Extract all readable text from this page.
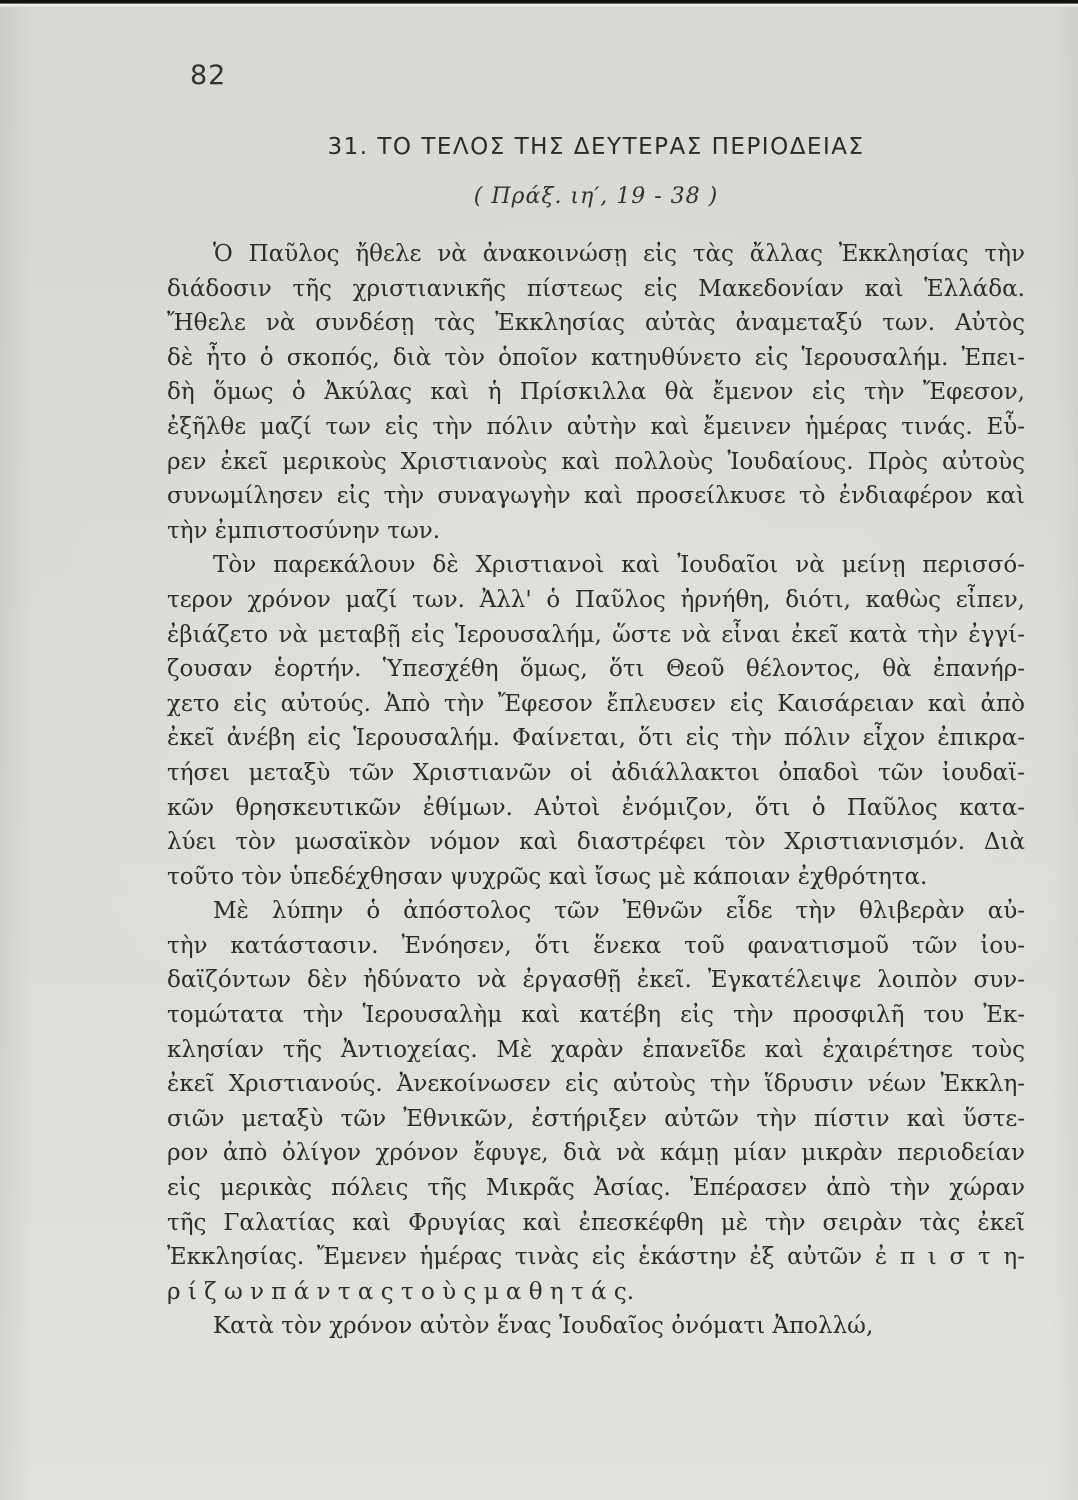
82
31. ΤΟ ΤΕΛΟΣ ΤΗΣ ΔΕΥΤΕΡΑΣ ΠΕΡΙΟΔΕΙΑΣ
( Πράξ. ιη′, 19 - 38 )
Ὁ Παῦλος ἤθελε νὰ ἀνακοινώσῃ εἰς τὰς ἄλλας Ἐκκλησίας τὴν
διάδοσιν τῆς χριστιανικῆς πίστεως εἰς Μακεδονίαν καὶ Ἑλλάδα.
Ἤθελε νὰ συνδέσῃ τὰς Ἐκκλησίας αὐτὰς ἀναμεταξύ των. Αὐτὸς
δὲ ἦτο ὁ σκοπός, διὰ τὸν ὁποῖον κατηυθύνετο εἰς Ἱερουσαλήμ. Ἐπει-
δὴ ὅμως ὁ Ἀκύλας καὶ ἡ Πρίσκιλλα θὰ ἔμενον εἰς τὴν Ἔφεσον,
ἐξῆλθε μαζί των εἰς τὴν πόλιν αὐτὴν καὶ ἔμεινεν ἡμέρας τινάς. Εὗ-
ρεν ἐκεῖ μερικοὺς Χριστιανοὺς καὶ πολλοὺς Ἰουδαίους. Πρὸς αὐτοὺς
συνωμίλησεν εἰς τὴν συναγωγὴν καὶ προσείλκυσε τὸ ἐνδιαφέρον καὶ
τὴν ἐμπιστοσύνην των.
Τὸν παρεκάλουν δὲ Χριστιανοὶ καὶ Ἰουδαῖοι νὰ μείνῃ περισσό-
τερον χρόνον μαζί των. Ἀλλ' ὁ Παῦλος ἠρνήθη, διότι, καθὼς εἶπεν,
ἐβιάζετο νὰ μεταβῇ εἰς Ἱερουσαλήμ, ὥστε νὰ εἶναι ἐκεῖ κατὰ τὴν ἐγγί-
ζουσαν ἑορτήν. Ὑπεσχέθη ὅμως, ὅτι Θεοῦ θέλοντος, θὰ ἐπανήρ-
χετο εἰς αὐτούς. Ἀπὸ τὴν Ἔφεσον ἔπλευσεν εἰς Καισάρειαν καὶ ἀπὸ
ἐκεῖ ἀνέβη εἰς Ἱερουσαλήμ. Φαίνεται, ὅτι εἰς τὴν πόλιν εἶχον ἐπικρα-
τήσει μεταξὺ τῶν Χριστιανῶν οἱ ἀδιάλλακτοι ὀπαδοὶ τῶν ἰουδαϊ-
κῶν θρησκευτικῶν ἐθίμων. Αὐτοὶ ἐνόμιζον, ὅτι ὁ Παῦλος κατα-
λύει τὸν μωσαϊκὸν νόμον καὶ διαστρέφει τὸν Χριστιανισμόν. Διὰ
τοῦτο τὸν ὑπεδέχθησαν ψυχρῶς καὶ ἴσως μὲ κάποιαν ἐχθρότητα.
Μὲ λύπην ὁ ἀπόστολος τῶν Ἐθνῶν εἶδε τὴν θλιβερὰν αὐ-
τὴν κατάστασιν. Ἐνόησεν, ὅτι ἕνεκα τοῦ φανατισμοῦ τῶν ἰου-
δαϊζόντων δὲν ἠδύνατο νὰ ἐργασθῇ ἐκεῖ. Ἐγκατέλειψε λοιπὸν συν-
τομώτατα τὴν Ἱερουσαλὴμ καὶ κατέβη εἰς τὴν προσφιλῆ του Ἐκ-
κλησίαν τῆς Ἀντιοχείας. Μὲ χαρὰν ἐπανεῖδε καὶ ἐχαιρέτησε τοὺς
ἐκεῖ Χριστιανούς. Ἀνεκοίνωσεν εἰς αὐτοὺς τὴν ἵδρυσιν νέων Ἐκκλη-
σιῶν μεταξὺ τῶν Ἐθνικῶν, ἐστήριξεν αὐτῶν τὴν πίστιν καὶ ὕστε-
ρον ἀπὸ ὀλίγον χρόνον ἔφυγε, διὰ νὰ κάμῃ μίαν μικρὰν περιοδείαν
εἰς μερικὰς πόλεις τῆς Μικρᾶς Ἀσίας. Ἐπέρασεν ἀπὸ τὴν χώραν
τῆς Γαλατίας καὶ Φρυγίας καὶ ἐπεσκέφθη μὲ τὴν σειρὰν τὰς ἐκεῖ
Ἐκκλησίας. Ἔμενεν ἡμέρας τινὰς εἰς ἑκάστην ἐξ αὐτῶν ἐ π ι σ τ η-
ρ ί ζ ω ν π ά ν τ α ς τ ο ὺ ς μ α θ η τ ά ς.
Κατὰ τὸν χρόνον αὐτὸν ἕνας Ἰουδαῖος ὀνόματι Ἀπολλώ,
